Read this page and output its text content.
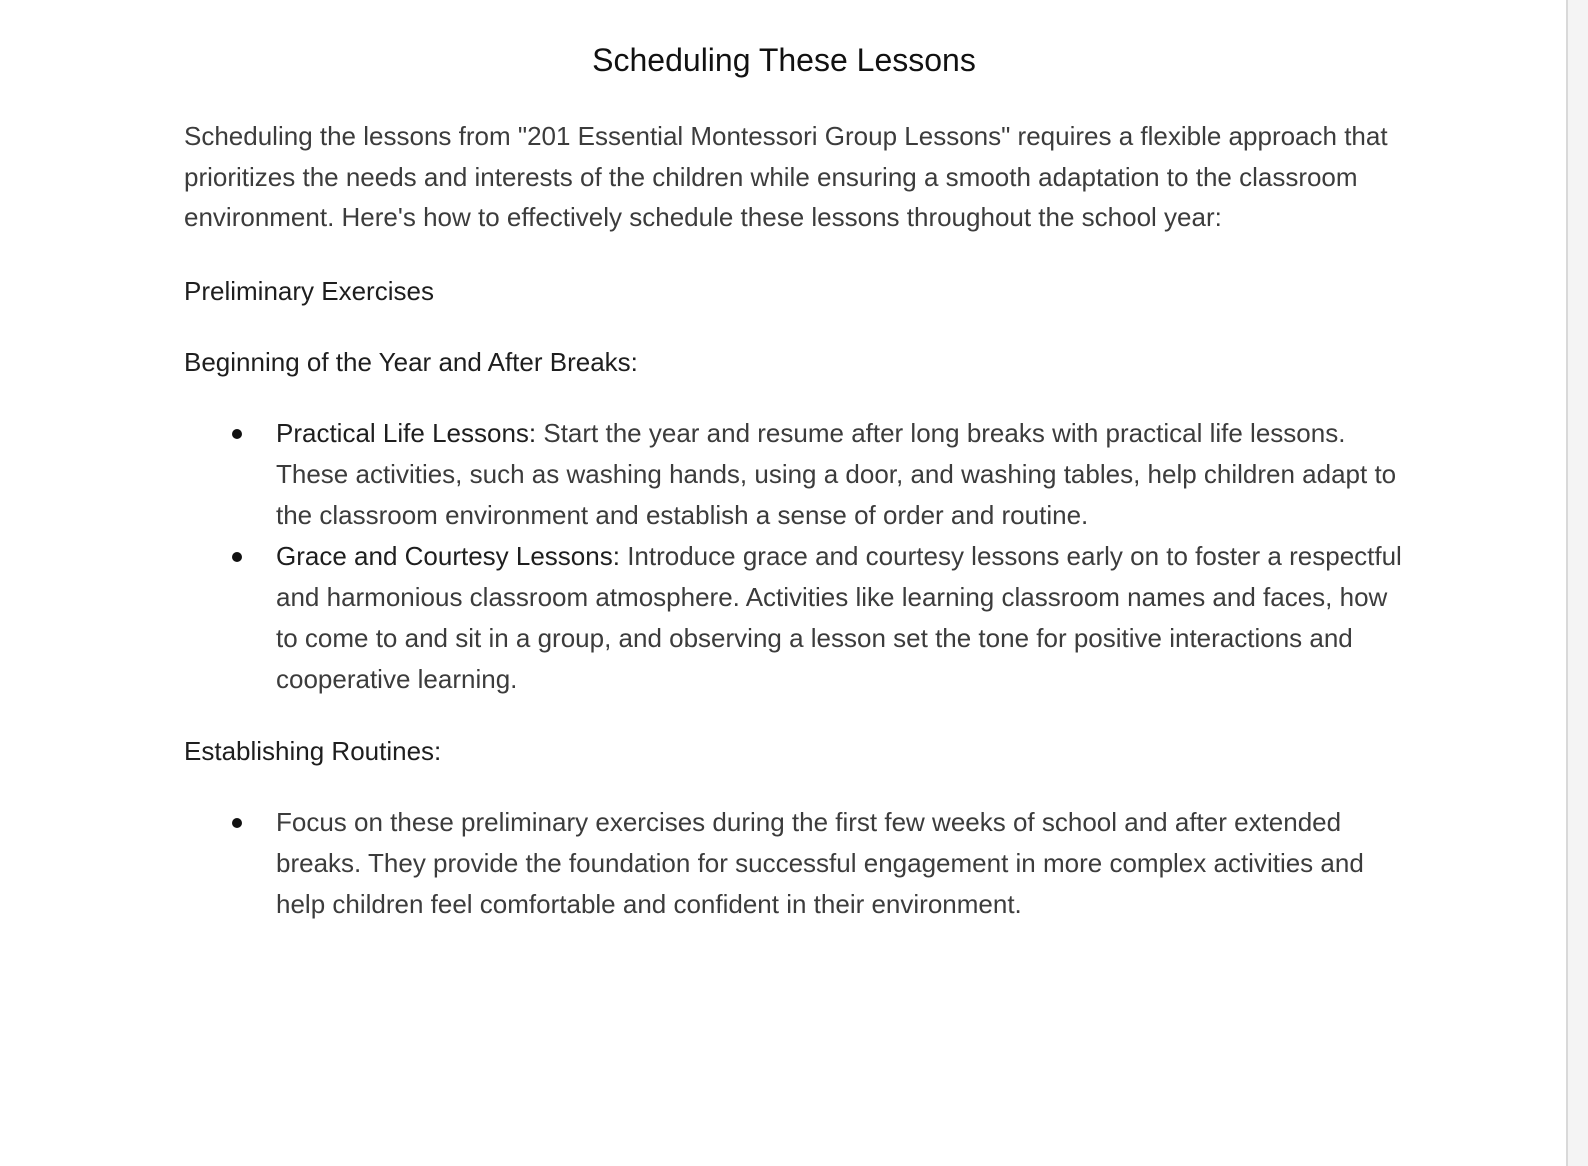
Scheduling These Lessons

Scheduling the lessons from "201 Essential Montessori Group Lessons" requires a flexible approach that prioritizes the needs and interests of the children while ensuring a smooth adaptation to the classroom environment. Here's how to effectively schedule these lessons throughout the school year:

Preliminary Exercises

Beginning of the Year and After Breaks:

Practical Life Lessons: Start the year and resume after long breaks with practical life lessons. These activities, such as washing hands, using a door, and washing tables, help children adapt to the classroom environment and establish a sense of order and routine.
Grace and Courtesy Lessons: Introduce grace and courtesy lessons early on to foster a respectful and harmonious classroom atmosphere. Activities like learning classroom names and faces, how to come to and sit in a group, and observing a lesson set the tone for positive interactions and cooperative learning.

Establishing Routines:

Focus on these preliminary exercises during the first few weeks of school and after extended breaks. They provide the foundation for successful engagement in more complex activities and help children feel comfortable and confident in their environment.
